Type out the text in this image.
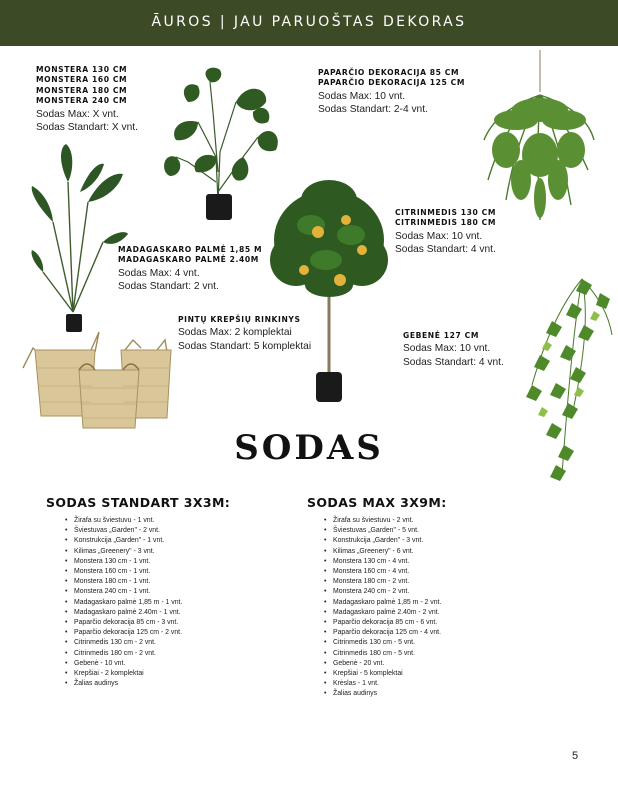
ĀUROS | JAU PARUOŠTAS DEKORAS
MONSTERA 130 CM
MONSTERA 160 CM
MONSTERA 180 CM
MONSTERA 240 CM
Sodas Max: X vnt.
Sodas Standart: X vnt.
PAPARČIO DEKORACIJA 85 CM
PAPARČIO DEKORACIJA 125 CM
Sodas Max: 10 vnt.
Sodas Standart: 2-4 vnt.
CITRINMEDIS 130 CM
CITRINMEDIS 180 CM
Sodas Max: 10 vnt.
Sodas Standart: 4 vnt.
MADAGASKARO PALMĖ 1,85 M
MADAGASKARO PALMĖ 2.40M
Sodas Max: 4 vnt.
Sodas Standart: 2 vnt.
PINTŲ KREPŠIŲ RINKINYS
Sodas Max: 2 komplektai
Sodas Standart: 5 komplektai
GEBENĖ 127 CM
Sodas Max: 10 vnt.
Sodas Standart: 4 vnt.
SODAS
SODAS STANDART 3X3M:	SODAS MAX 3X9M:
• Žirafa su šviestuvu - 1 vnt.
• Šviestuvas „Garden" - 2 vnt.
• Konstrukcija „Garden" - 1 vnt.
• Kilimas „Greenery" - 3 vnt.
• Monstera 130 cm - 1 vnt.
• Monstera 160 cm - 1 vnt.
• Monstera 180 cm - 1 vnt.
• Monstera 240 cm - 1 vnt.
• Madagaskaro palmė 1,85 m - 1 vnt.
• Madagaskaro palmė 2.40m - 1 vnt.
• Paparčio dekoracija 85 cm - 3 vnt.
• Paparčio dekoracija 125 cm - 2 vnt.
• Citrinmedis 130 cm - 2 vnt.
• Citrinmedis 180 cm - 2 vnt.
• Gebenė - 10 vnt.
• Krepšiai - 2 komplektai
• Žalias audinys
• Žirafa su šviestuvu - 2 vnt.
• Šviestuvas „Garden" - 5 vnt.
• Konstrukcija „Garden" - 3 vnt.
• Kilimas „Greenery" - 6 vnt.
• Monstera 130 cm - 4 vnt.
• Monstera 160 cm - 4 vnt.
• Monstera 180 cm - 2 vnt.
• Monstera 240 cm - 2 vnt.
• Madagaskaro palmė 1,85 m - 2 vnt.
• Madagaskaro palmė 2.40m - 2 vnt.
• Paparčio dekoracija 85 cm - 6 vnt.
• Paparčio dekoracija 125 cm - 4 vnt.
• Citrinmedis 130 cm - 5 vnt.
• Citrinmedis 180 cm - 5 vnt.
• Gebenė - 20 vnt.
• Krepšiai - 5 komplektai
• Krėslas - 1 vnt.
• Žalias audinys
5
